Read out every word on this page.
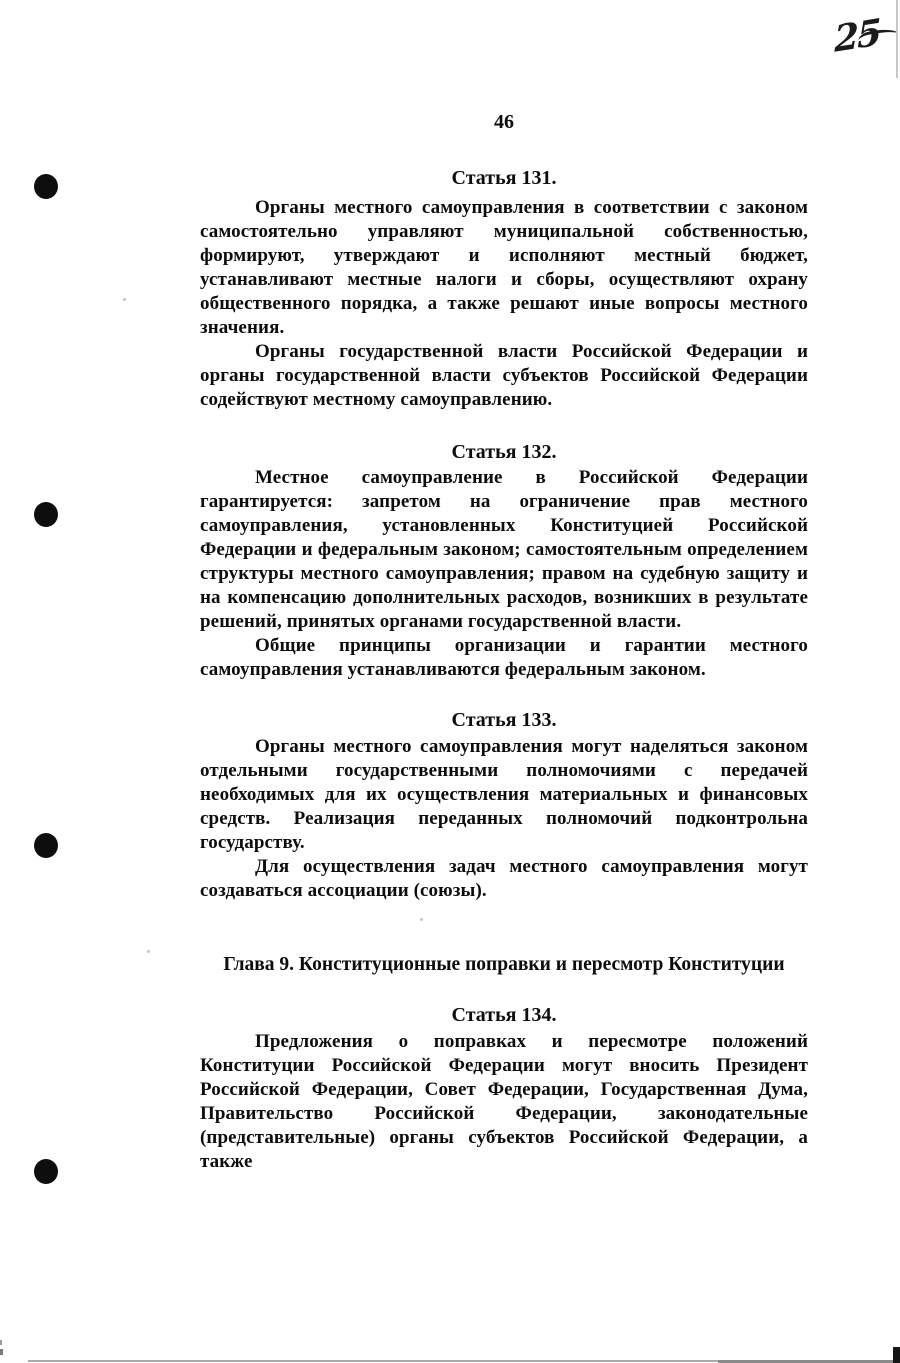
25
46
Статья 131.

Органы местного самоуправления в соответствии с законом самостоятельно управляют муниципальной собственностью, формируют, утверждают и исполняют местный бюджет, устанавливают местные налоги и сборы, осуществляют охрану общественного порядка, а также решают иные вопросы местного значения.

Органы государственной власти Российской Федерации и органы государственной власти субъектов Российской Федерации содействуют местному самоуправлению.

Статья 132.

Местное самоуправление в Российской Федерации гарантируется: запретом на ограничение прав местного самоуправления, установленных Конституцией Российской Федерации и федеральным законом; самостоятельным определением структуры местного самоуправления; правом на судебную защиту и на компенсацию дополнительных расходов, возникших в результате решений, принятых органами государственной власти.

Общие принципы организации и гарантии местного самоуправления устанавливаются федеральным законом.

Статья 133.

Органы местного самоуправления могут наделяться законом отдельными государственными полномочиями с передачей необходимых для их осуществления материальных и финансовых средств. Реализация переданных полномочий подконтрольна государству.

Для осуществления задач местного самоуправления могут создаваться ассоциации (союзы).

Глава 9. Конституционные поправки и пересмотр Конституции
Статья 134.

Предложения о поправках и пересмотре положений Конституции Российской Федерации могут вносить Президент Российской Федерации, Совет Федерации, Государственная Дума, Правительство Российской Федерации, законодательные (представительные) органы субъектов Российской Федерации, а также
